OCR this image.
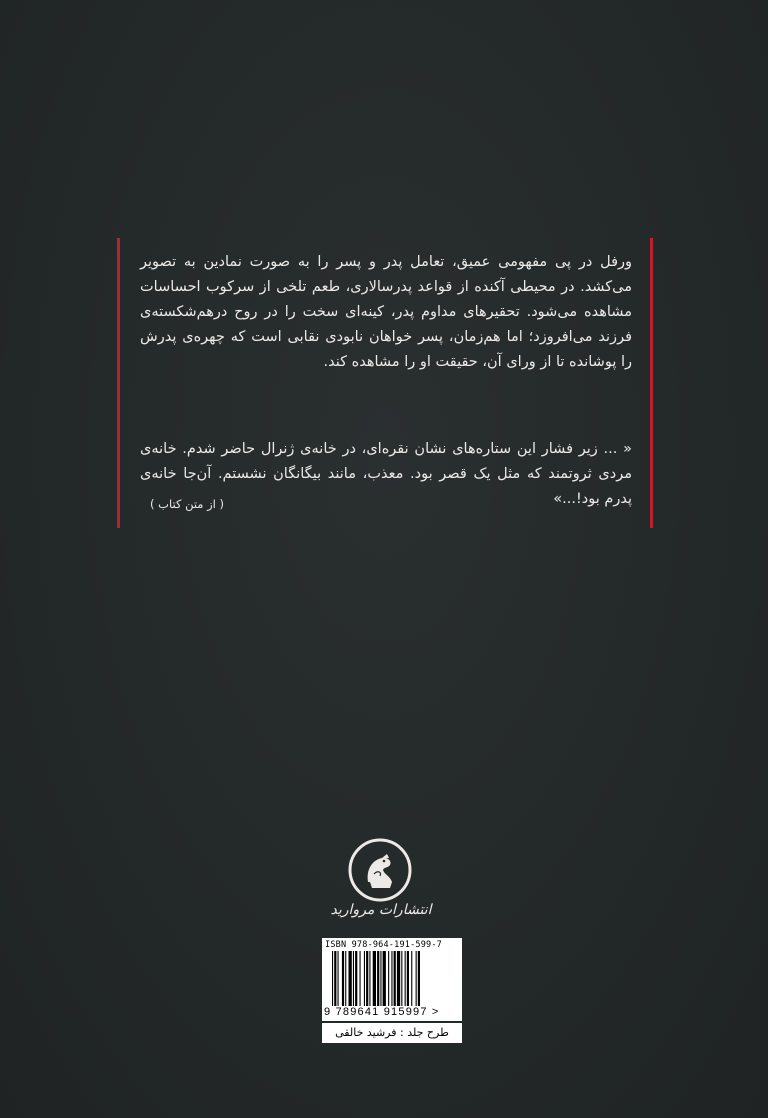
ورفل در پی مفهومی عمیق، تعامل پدر و پسر را به صورت نمادین به تصویر می‌کشد. در محیطی آکنده از قواعد پدرسالاری، طعم تلخی از سرکوب احساسات مشاهده می‌شود. تحقیرهای مداوم پدر، کینه‌ای سخت را در روح درهم‌شکسته‌ی فرزند می‌افروزد؛ اما هم‌زمان، پسر خواهان نابودی نقابی است که چهره‌ی پدرش را پوشانده تا از ورای آن، حقیقت او را مشاهده کند.

« ... زیر فشار این ستاره‌های نشان نقره‌ای، در خانه‌ی ژنرال حاضر شدم. خانه‌ی مردی ثروتمند که مثل یک قصر بود. معذب، مانند بیگانگان نشستم. آن‌جا خانه‌ی پدرم بود!...»

( از متن کتاب )
انتشارات مروارید
ISBN 978-964-191-599-7
9 789641 915997 >
طرح جلد : فرشید خالقی
